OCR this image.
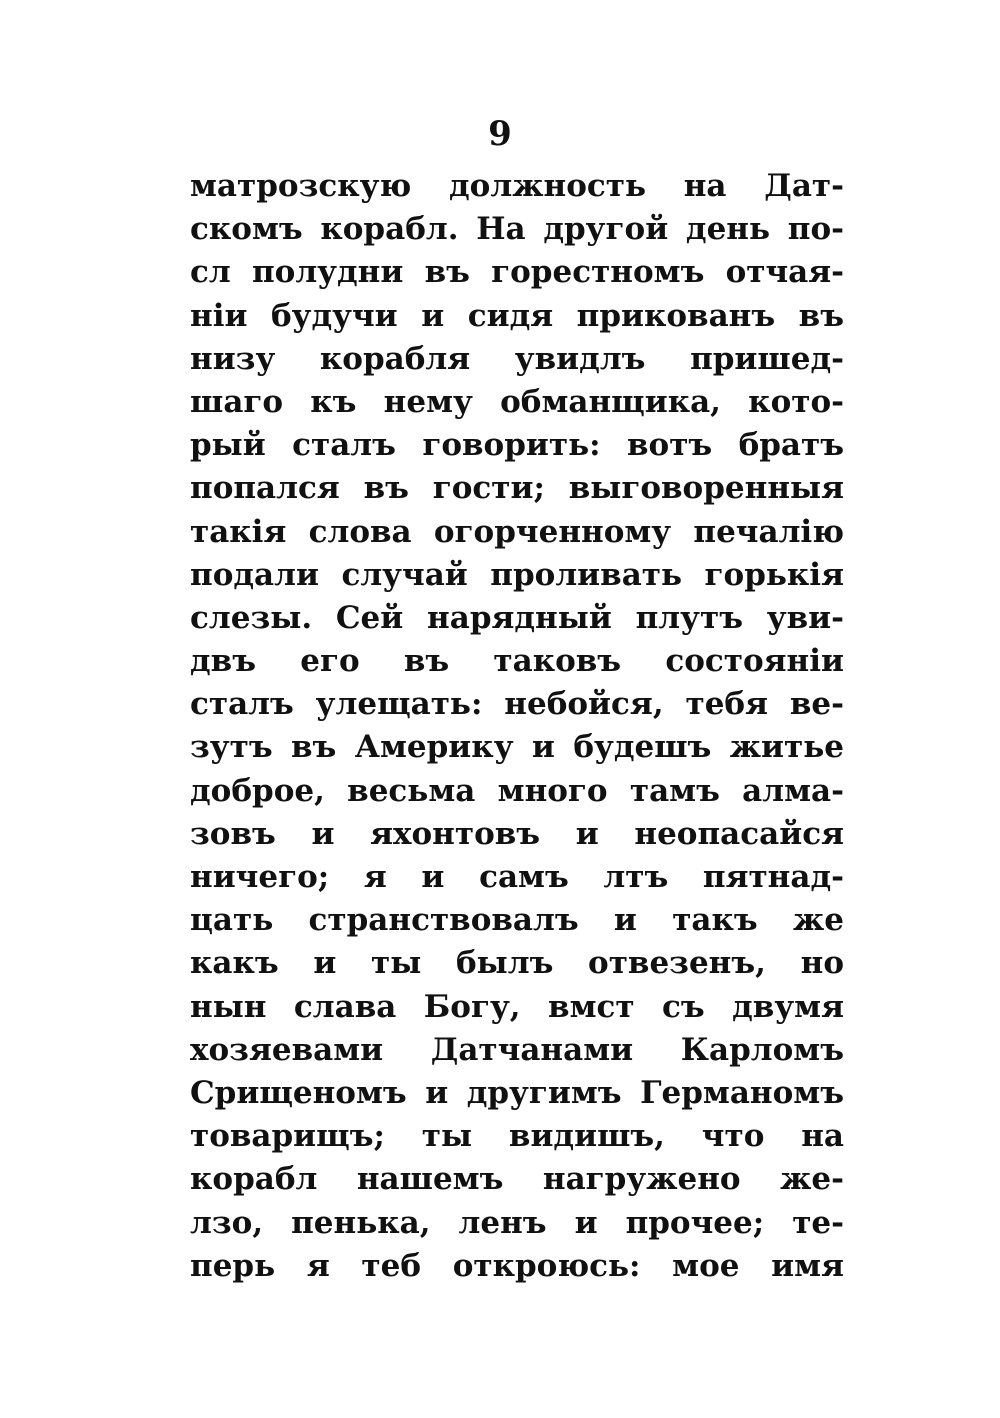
9
матрозскую должность на Дат-
скомъ корабл. На другой день по-
сл полудни въ горестномъ отчая-
нiи будучи и сидя прикованъ въ
низу корабля увидлъ пришед-
шаго къ нему обманщика, кото-
рый сталъ говорить: вотъ братъ
попался въ гости; выговоренныя
такiя слова огорченному печалiю
подали случай проливать горькiя
слезы. Сей нарядный плутъ уви-
двъ его въ таковъ состоянiи
сталъ улещать: небойся, тебя ве-
зутъ въ Америку и будешъ житье
доброе, весьма много тамъ алма-
зовъ и яхонтовъ и неопасайся
ничего; я и самъ лтъ пятнад-
цать странствовалъ и такъ же
какъ и ты былъ отвезенъ, но
нын слава Богу, вмст съ двумя
хозяевами Датчанами Карломъ
Срищеномъ и другимъ Германомъ
товарищъ; ты видишъ, что на
корабл нашемъ нагружено же-
лзо, пенька, ленъ и прочее; те-
перь я теб откроюсь: мое имя
